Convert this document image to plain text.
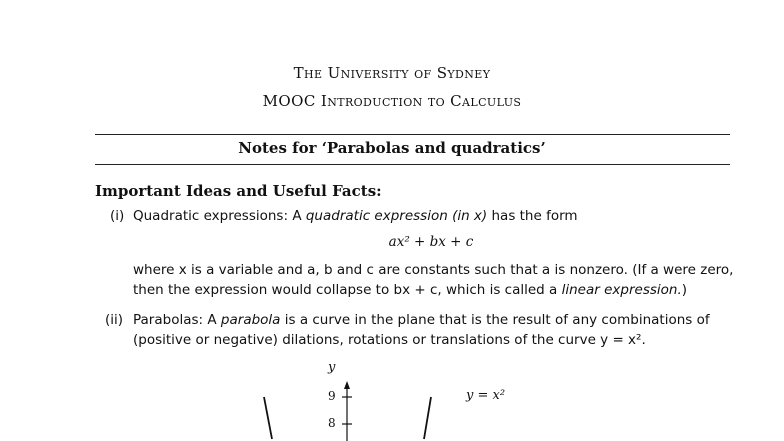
The University of Sydney
MOOC Introduction to Calculus
Notes for ‘Parabolas and quadratics’
Important Ideas and Useful Facts:
(i) Quadratic expressions: A quadratic expression (in x) has the form
ax² + bx + c
where x is a variable and a, b and c are constants such that a is nonzero. (If a were zero,
then the expression would collapse to bx + c, which is called a linear expression.)
(ii) Parabolas: A parabola is a curve in the plane that is the result of any combinations of
(positive or negative) dilations, rotations or translations of the curve y = x².
y
9
8
y = x²
